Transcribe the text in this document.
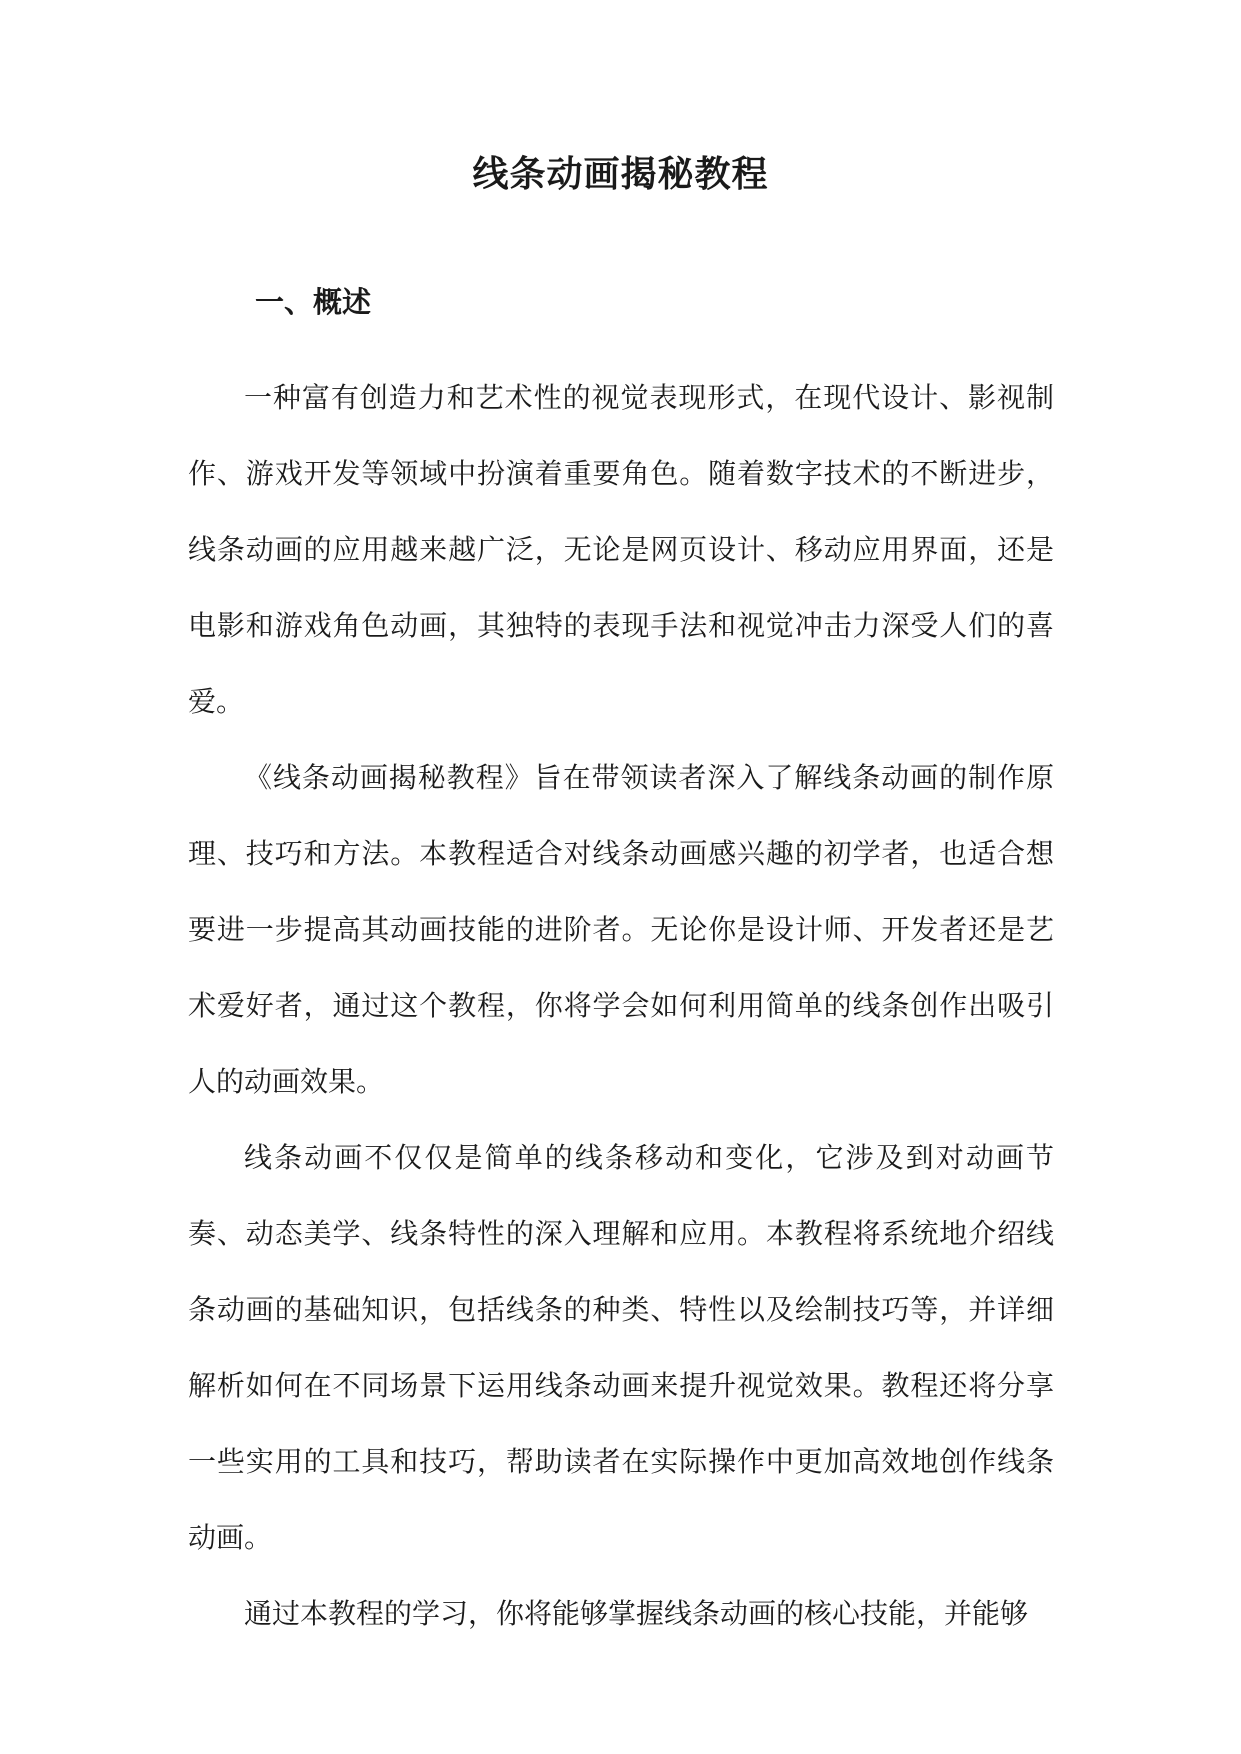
线条动画揭秘教程
一、概述

一种富有创造力和艺术性的视觉表现形式，在现代设计、影视制作、游戏开发等领域中扮演着重要角色。随着数字技术的不断进步，线条动画的应用越来越广泛，无论是网页设计、移动应用界面，还是电影和游戏角色动画，其独特的表现手法和视觉冲击力深受人们的喜爱。

《线条动画揭秘教程》旨在带领读者深入了解线条动画的制作原理、技巧和方法。本教程适合对线条动画感兴趣的初学者，也适合想要进一步提高其动画技能的进阶者。无论你是设计师、开发者还是艺术爱好者，通过这个教程，你将学会如何利用简单的线条创作出吸引人的动画效果。

线条动画不仅仅是简单的线条移动和变化，它涉及到对动画节奏、动态美学、线条特性的深入理解和应用。本教程将系统地介绍线条动画的基础知识，包括线条的种类、特性以及绘制技巧等，并详细解析如何在不同场景下运用线条动画来提升视觉效果。教程还将分享一些实用的工具和技巧，帮助读者在实际操作中更加高效地创作线条动画。

通过本教程的学习，你将能够掌握线条动画的核心技能，并能够
